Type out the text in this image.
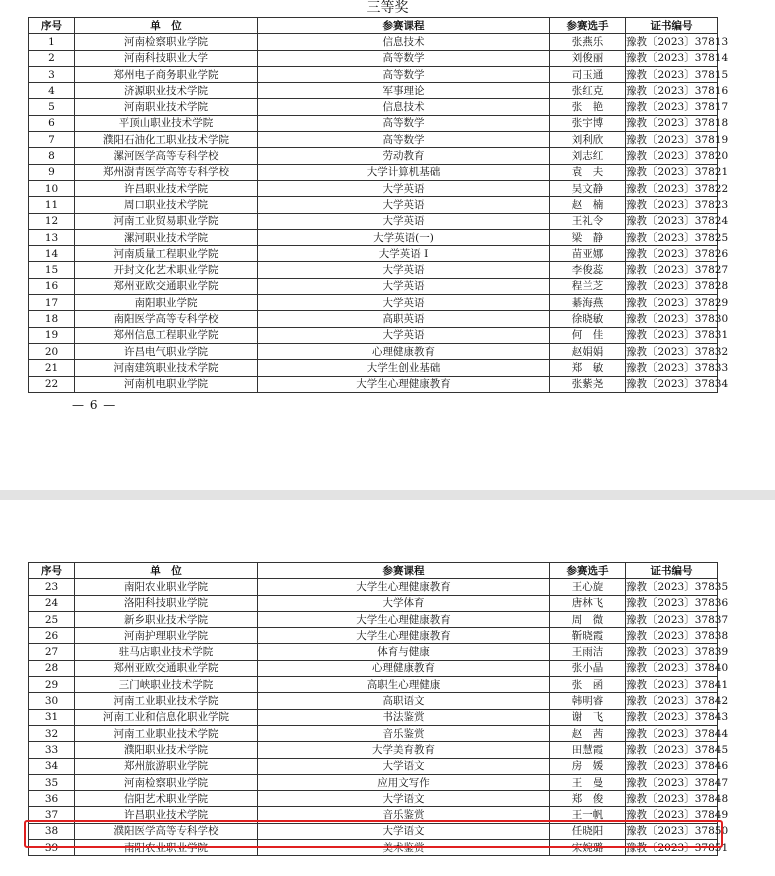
三等奖
序号	单　位	参赛课程	参赛选手	证书编号
1	河南检察职业学院	信息技术	张燕乐	豫教〔2023〕37813
2	河南科技职业大学	高等数学	刘俊丽	豫教〔2023〕37814
3	郑州电子商务职业学院	高等数学	司玉通	豫教〔2023〕37815
4	济源职业技术学院	军事理论	张红克	豫教〔2023〕37816
5	河南职业技术学院	信息技术	张　艳	豫教〔2023〕37817
6	平顶山职业技术学院	高等数学	张宇博	豫教〔2023〕37818
7	濮阳石油化工职业技术学院	高等数学	刘利欣	豫教〔2023〕37819
8	漯河医学高等专科学校	劳动教育	刘志红	豫教〔2023〕37820
9	郑州澍青医学高等专科学校	大学计算机基础	袁　夫	豫教〔2023〕37821
10	许昌职业技术学院	大学英语	吴文静	豫教〔2023〕37822
11	周口职业技术学院	大学英语	赵　楠	豫教〔2023〕37823
12	河南工业贸易职业学院	大学英语	王礼令	豫教〔2023〕37824
13	漯河职业技术学院	大学英语(一)	梁　静	豫教〔2023〕37825
14	河南质量工程职业学院	大学英语 I	苗亚娜	豫教〔2023〕37826
15	开封文化艺术职业学院	大学英语	李俊蕊	豫教〔2023〕37827
16	郑州亚欧交通职业学院	大学英语	程兰芝	豫教〔2023〕37828
17	南阳职业学院	大学英语	綦海燕	豫教〔2023〕37829
18	南阳医学高等专科学校	高职英语	徐晓敏	豫教〔2023〕37830
19	郑州信息工程职业学院	大学英语	何　佳	豫教〔2023〕37831
20	许昌电气职业学院	心理健康教育	赵娟娟	豫教〔2023〕37832
21	河南建筑职业技术学院	大学生创业基础	郑　敏	豫教〔2023〕37833
22	河南机电职业学院	大学生心理健康教育	张紫尧	豫教〔2023〕37834
— 6 —
序号	单　位	参赛课程	参赛选手	证书编号
23	南阳农业职业学院	大学生心理健康教育	王心旋	豫教〔2023〕37835
24	洛阳科技职业学院	大学体育	唐林飞	豫教〔2023〕37836
25	新乡职业技术学院	大学生心理健康教育	周　微	豫教〔2023〕37837
26	河南护理职业学院	大学生心理健康教育	靳晓霞	豫教〔2023〕37838
27	驻马店职业技术学院	体育与健康	王雨洁	豫教〔2023〕37839
28	郑州亚欧交通职业学院	心理健康教育	张小晶	豫教〔2023〕37840
29	三门峡职业技术学院	高职生心理健康	张　函	豫教〔2023〕37841
30	河南工业职业技术学院	高职语文	韩明睿	豫教〔2023〕37842
31	河南工业和信息化职业学院	书法鉴赏	谢　飞	豫教〔2023〕37843
32	河南工业职业技术学院	音乐鉴赏	赵　茜	豫教〔2023〕37844
33	濮阳职业技术学院	大学美育教育	田慧霞	豫教〔2023〕37845
34	郑州旅游职业学院	大学语文	房　媛	豫教〔2023〕37846
35	河南检察职业学院	应用文写作	王　曼	豫教〔2023〕37847
36	信阳艺术职业学院	大学语文	郑　俊	豫教〔2023〕37848
37	许昌职业技术学院	音乐鉴赏	王一帆	豫教〔2023〕37849
38	濮阳医学高等专科学校	大学语文	任晓阳	豫教〔2023〕37850
39	南阳农业职业学院	美术鉴赏	宋婉璐	豫教〔2023〕37851
